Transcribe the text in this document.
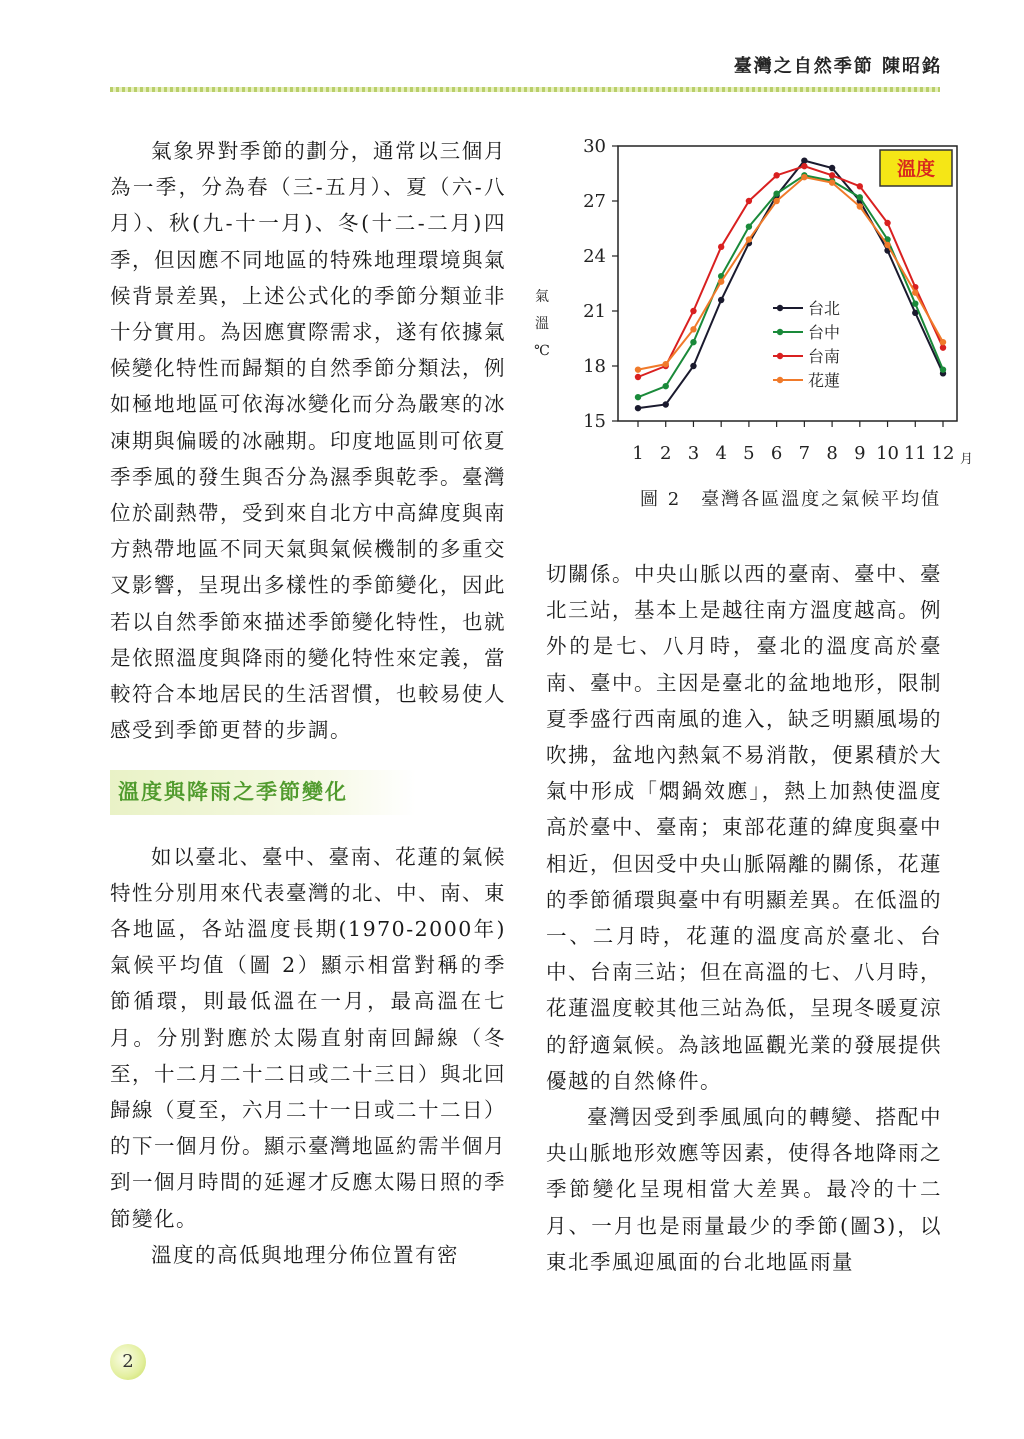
臺灣之自然季節 陳昭銘

氣象界對季節的劃分，通常以三個月為一季，分為春（三-五月）、夏（六-八月）、秋(九-十一月)、冬(十二-二月)四季，但因應不同地區的特殊地理環境與氣候背景差異，上述公式化的季節分類並非十分實用。為因應實際需求，遂有依據氣候變化特性而歸類的自然季節分類法，例如極地地區可依海冰變化而分為嚴寒的冰凍期與偏暖的冰融期。印度地區則可依夏季季風的發生與否分為濕季與乾季。臺灣位於副熱帶，受到來自北方中高緯度與南方熱帶地區不同天氣與氣候機制的多重交叉影響，呈現出多樣性的季節變化，因此若以自然季節來描述季節變化特性，也就是依照溫度與降雨的變化特性來定義，當較符合本地居民的生活習慣，也較易使人感受到季節更替的步調。

溫度與降雨之季節變化

如以臺北、臺中、臺南、花蓮的氣候特性分別用來代表臺灣的北、中、南、東各地區，各站溫度長期(1970-2000年)氣候平均值（圖 2）顯示相當對稱的季節循環，則最低溫在一月，最高溫在七月。分別對應於太陽直射南回歸線（冬至，十二月二十二日或二十三日）與北回歸線（夏至，六月二十一日或二十二日）的下一個月份。顯示臺灣地區約需半個月到一個月時間的延遲才反應太陽日照的季節變化。

溫度的高低與地理分佈位置有密

15
18
21
24
27
30
1 2 3 4 5 6 7 8 9 10 11 12 月
氣
溫
℃
溫度
台北
台中
台南
花蓮
圖 2　臺灣各區溫度之氣候平均值

切關係。中央山脈以西的臺南、臺中、臺北三站，基本上是越往南方溫度越高。例外的是七、八月時，臺北的溫度高於臺南、臺中。主因是臺北的盆地地形，限制夏季盛行西南風的進入，缺乏明顯風場的吹拂，盆地內熱氣不易消散，便累積於大氣中形成「燜鍋效應」，熱上加熱使溫度高於臺中、臺南；東部花蓮的緯度與臺中相近，但因受中央山脈隔離的關係，花蓮的季節循環與臺中有明顯差異。在低溫的一、二月時，花蓮的溫度高於臺北、台中、台南三站；但在高溫的七、八月時，花蓮溫度較其他三站為低，呈現冬暖夏涼的舒適氣候。為該地區觀光業的發展提供優越的自然條件。

臺灣因受到季風風向的轉變、搭配中央山脈地形效應等因素，使得各地降雨之季節變化呈現相當大差異。最冷的十二月、一月也是雨量最少的季節(圖3)，以東北季風迎風面的台北地區雨量

2
